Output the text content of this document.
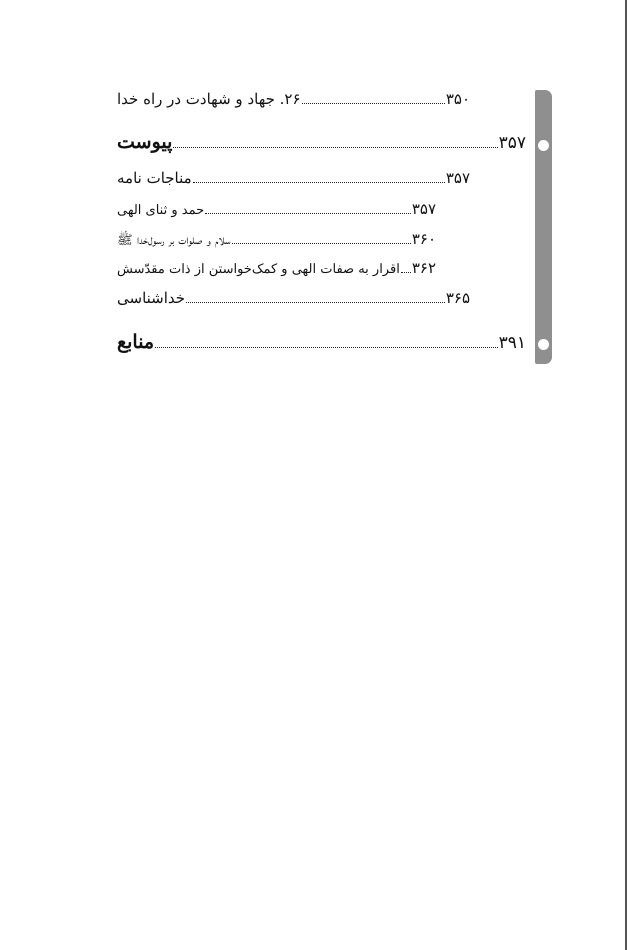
۲۶. جهاد و شهادت در راه خدا	۳۵۰
پیوست	۳۵۷
مناجات نامه	۳۵۷
حمد و ثنای الهی	۳۵۷
سلام و صلوات بر رسول‌خدا ﷺ	۳۶۰
اقرار به صفات الهی و کمک‌خواستن از ذات مقدّسش ۳۶۲
خداشناسی	۳۶۵
منابع	۳۹۱
